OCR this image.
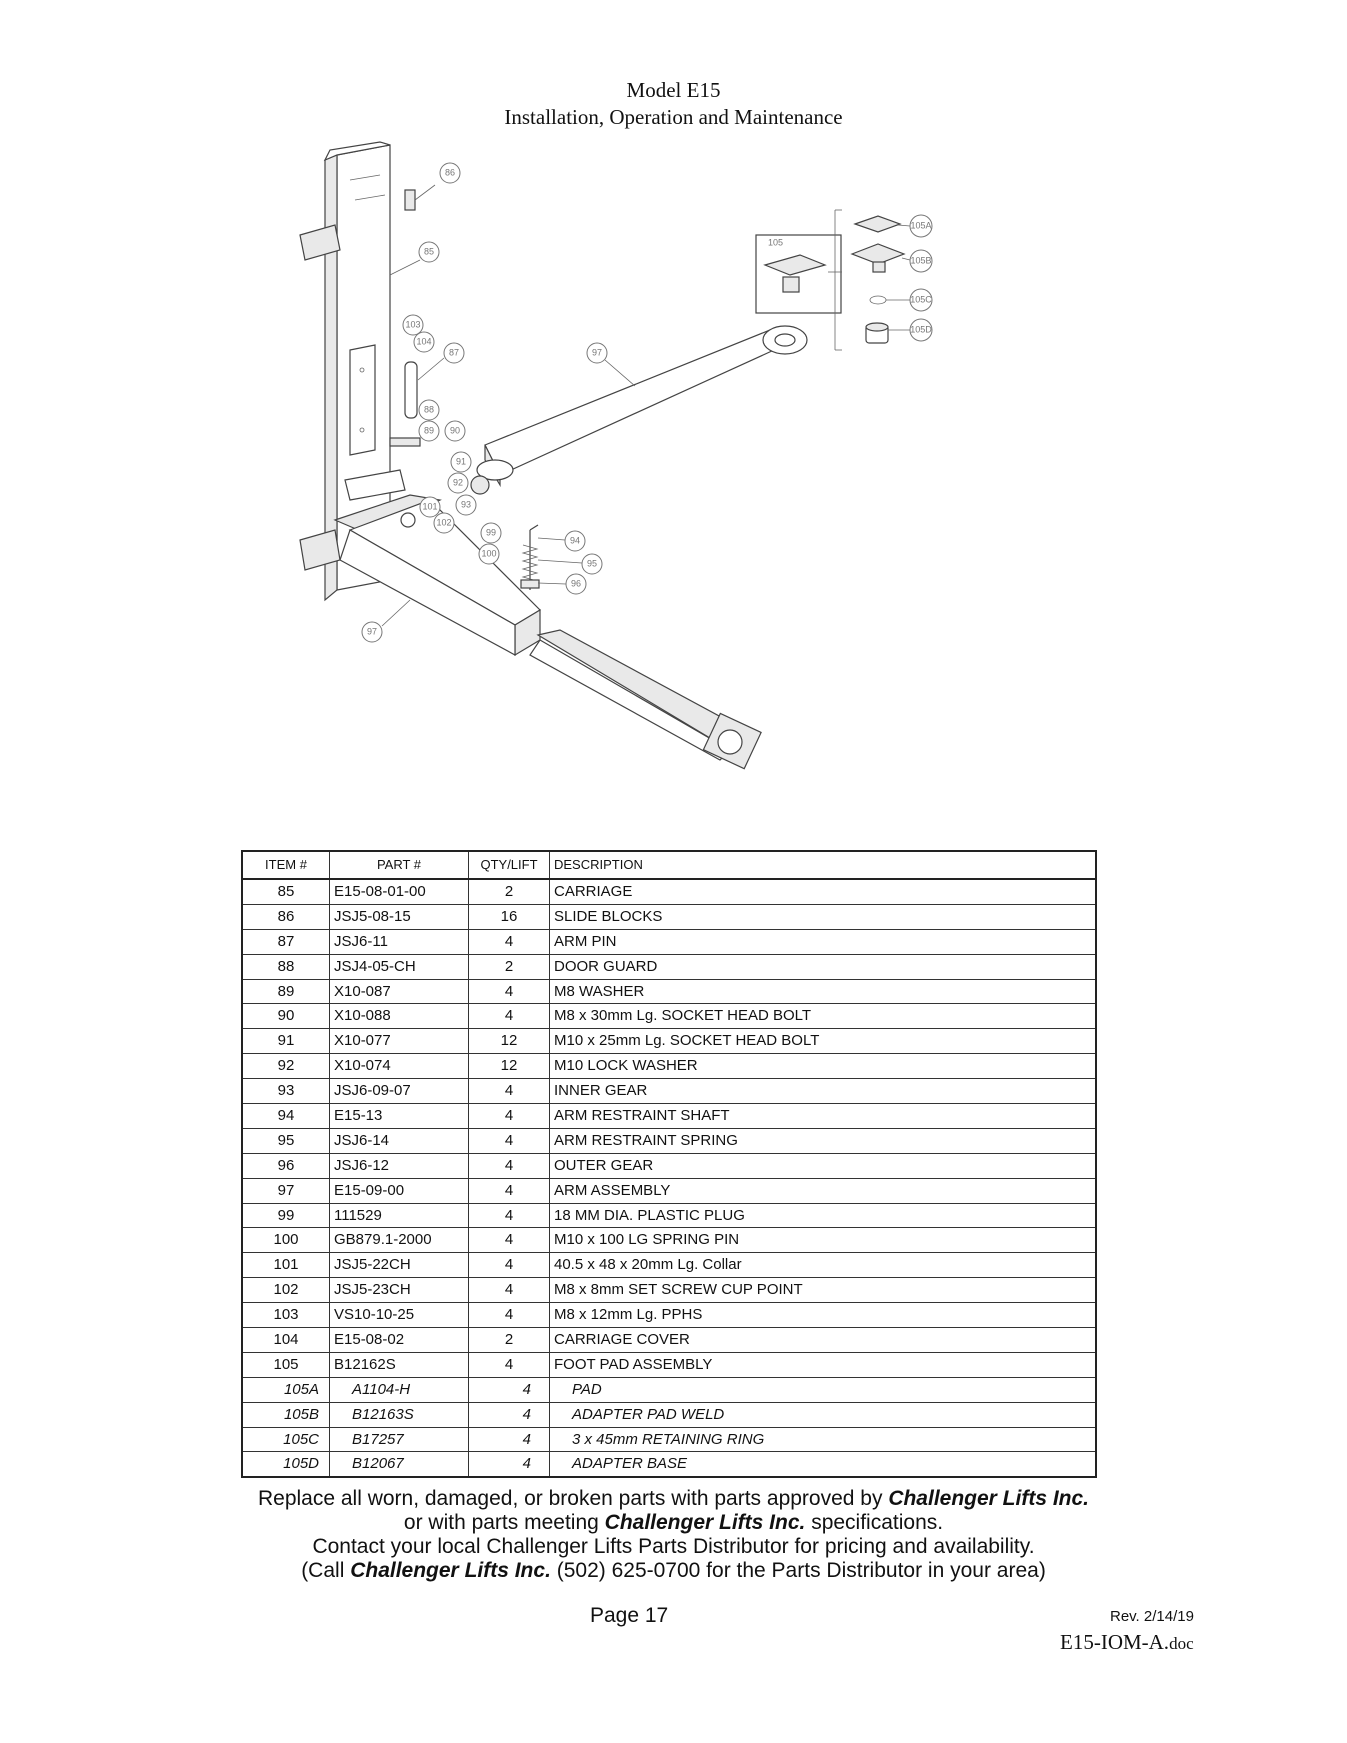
Model E15
Installation, Operation and Maintenance
86
85
103
104
87
88
89 90
91
92
93
101
102
99
100
94
95
96
97
97
105
105A
105B
105C
105D
ITEM #	PART #	QTY/LIFT	DESCRIPTION
85	E15-08-01-00	2	CARRIAGE
86	JSJ5-08-15	16	SLIDE BLOCKS
87	JSJ6-11	4	ARM PIN
88	JSJ4-05-CH	2	DOOR GUARD
89	X10-087	4	M8 WASHER
90	X10-088	4	M8 x 30mm Lg. SOCKET HEAD BOLT
91	X10-077	12	M10 x 25mm Lg. SOCKET HEAD BOLT
92	X10-074	12	M10 LOCK WASHER
93	JSJ6-09-07	4	INNER GEAR
94	E15-13	4	ARM RESTRAINT SHAFT
95	JSJ6-14	4	ARM RESTRAINT SPRING
96	JSJ6-12	4	OUTER GEAR
97	E15-09-00	4	ARM ASSEMBLY
99	111529	4	18 MM DIA. PLASTIC PLUG
100	GB879.1-2000	4	M10 x 100 LG SPRING PIN
101	JSJ5-22CH	4	40.5 x 48 x 20mm Lg. Collar
102	JSJ5-23CH	4	M8 x 8mm SET SCREW CUP POINT
103	VS10-10-25	4	M8 x 12mm Lg. PPHS
104	E15-08-02	2	CARRIAGE COVER
105	B12162S	4	FOOT PAD ASSEMBLY
105A	A1104-H	4	PAD
105B	B12163S	4	ADAPTER PAD WELD
105C	B17257	4	3 x 45mm RETAINING RING
105D	B12067	4	ADAPTER BASE
Replace all worn, damaged, or broken parts with parts approved by Challenger Lifts Inc.
or with parts meeting Challenger Lifts Inc. specifications.
Contact your local Challenger Lifts Parts Distributor for pricing and availability.
(Call Challenger Lifts Inc. (502) 625-0700 for the Parts Distributor in your area)
Page 17	Rev. 2/14/19
E15-IOM-A.doc
